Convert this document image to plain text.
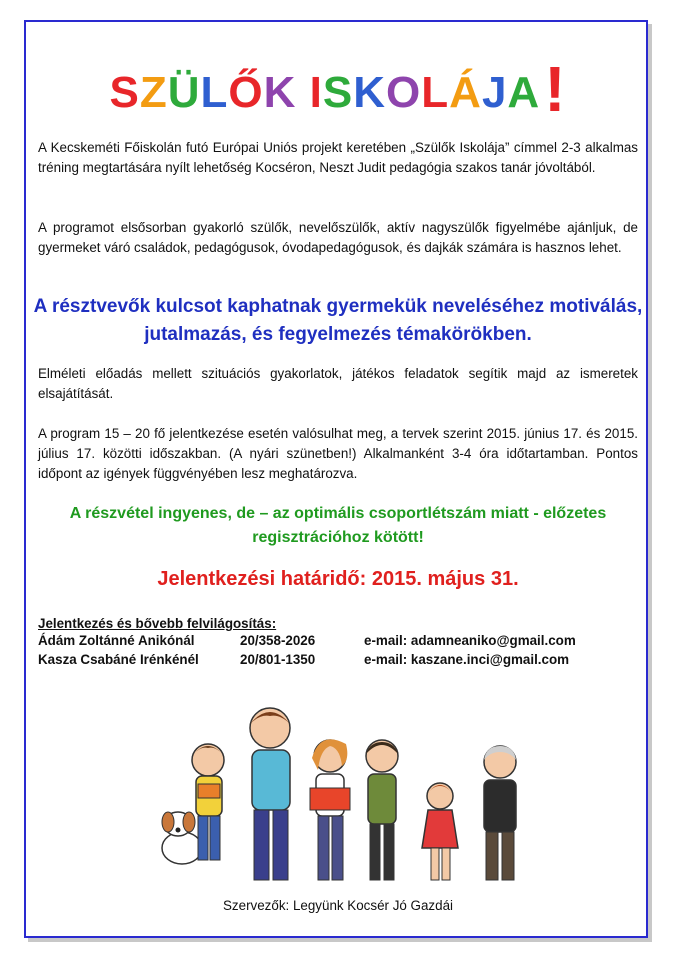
SZÜLŐK ISKOLÁJA!
A Kecskeméti Főiskolán futó Európai Uniós projekt keretében „Szülők Iskolája” címmel 2-3 alkalmas tréning megtartására nyílt lehetőség Kocséron, Neszt Judit pedagógia szakos tanár jóvoltából.
A programot elsősorban gyakorló szülők, nevelőszülők, aktív nagyszülők figyelmébe ajánljuk, de gyermeket váró családok, pedagógusok, óvodapedagógusok, és dajkák számára is hasznos lehet.
A résztvevők kulcsot kaphatnak gyermekük neveléséhez motiválás, jutalmazás, és fegyelmezés témakörökben.
Elméleti előadás mellett szituációs gyakorlatok, játékos feladatok segítik majd az ismeretek elsajátítását.
A program 15 – 20 fő jelentkezése esetén valósulhat meg, a tervek szerint 2015. június 17. és 2015. július 17. közötti időszakban. (A nyári szünetben!) Alkalmanként 3-4 óra időtartamban. Pontos időpont az igények függvényében lesz meghatározva.
A részvétel ingyenes, de – az optimális csoportlétszám miatt - előzetes regisztrációhoz kötött!
Jelentkezési határidő: 2015. május 31.
Jelentkezés és bővebb felvilágosítás:
Ádám Zoltánné Anikónál	20/358-2026	e-mail: adamneaniko@gmail.com
Kasza Csabáné Irénkénél	20/801-1350	e-mail: kaszane.inci@gmail.com
Szervezők: Legyünk Kocsér Jó Gazdái
